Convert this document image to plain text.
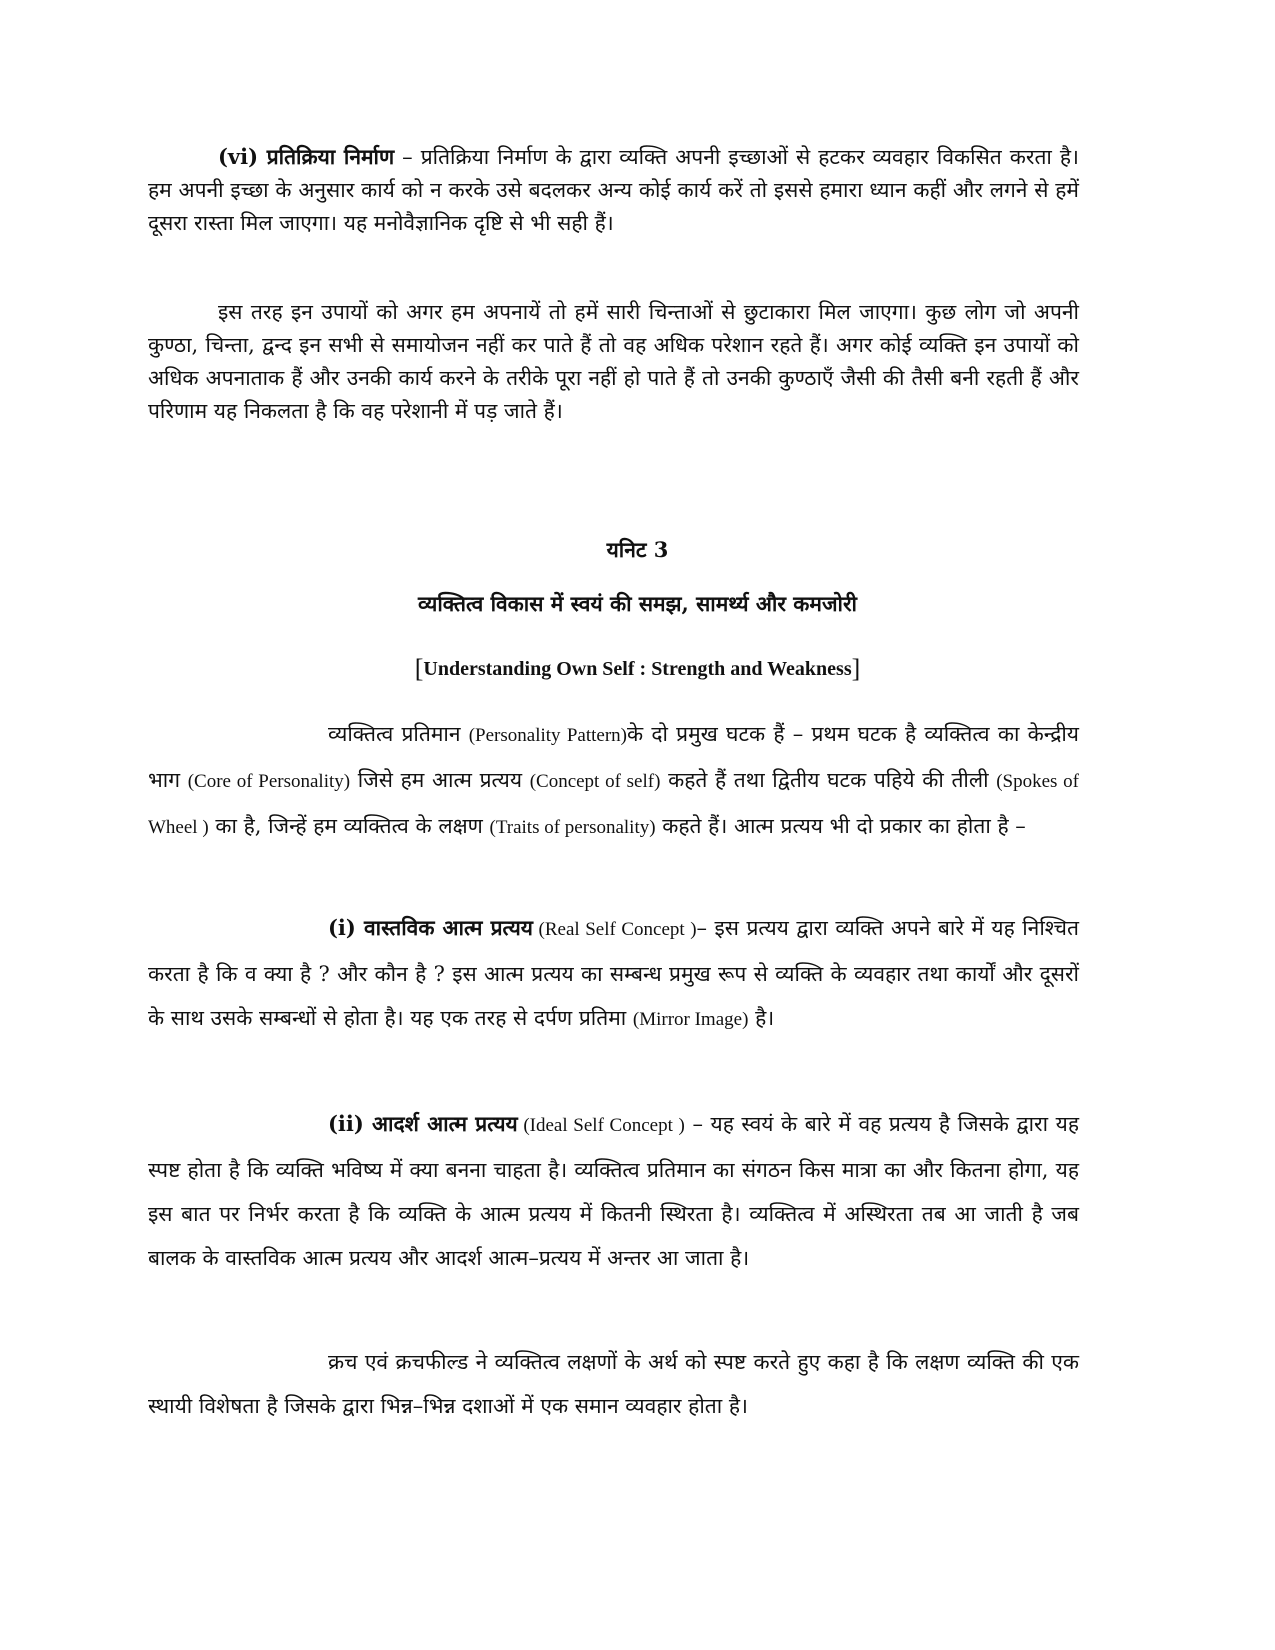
(vi) प्रतिक्रिया निर्माण – प्रतिक्रिया निर्माण के द्वारा व्यक्ति अपनी इच्छाओं से हटकर व्यवहार विकसित करता है। हम अपनी इच्छा के अनुसार कार्य को न करके उसे बदलकर अन्य कोई कार्य करें तो इससे हमारा ध्यान कहीं और लगने से हमें दूसरा रास्ता मिल जाएगा। यह मनोवैज्ञानिक दृष्टि से भी सही हैं।

इस तरह इन उपायों को अगर हम अपनायें तो हमें सारी चिन्ताओं से छुटाकारा मिल जाएगा। कुछ लोग जो अपनी कुण्ठा, चिन्ता, द्वन्द इन सभी से समायोजन नहीं कर पाते हैं तो वह अधिक परेशान रहते हैं। अगर कोई व्यक्ति इन उपायों को अधिक अपनाताक हैं और उनकी कार्य करने के तरीके पूरा नहीं हो पाते हैं तो उनकी कुण्ठाएँ जैसी की तैसी बनी रहती हैं और परिणाम यह निकलता है कि वह परेशानी में पड़ जाते हैं।

यनिट 3

व्यक्तित्व विकास में स्वयं की समझ, सामर्थ्य और कमजोरी

[Understanding Own Self : Strength and Weakness]

व्यक्तित्व प्रतिमान (Personality Pattern)के दो प्रमुख घटक हैं – प्रथम घटक है व्यक्तित्व का केन्द्रीय भाग (Core of Personality) जिसे हम आत्म प्रत्यय (Concept of self) कहते हैं तथा द्वितीय घटक पहिये की तीली (Spokes of Wheel ) का है, जिन्हें हम व्यक्तित्व के लक्षण (Traits of personality) कहते हैं। आत्म प्रत्यय भी दो प्रकार का होता है –

(i) वास्तविक आत्म प्रत्यय (Real Self Concept )– इस प्रत्यय द्वारा व्यक्ति अपने बारे में यह निश्चित करता है कि व क्या है ? और कौन है ? इस आत्म प्रत्यय का सम्बन्ध प्रमुख रूप से व्यक्ति के व्यवहार तथा कार्यों और दूसरों के साथ उसके सम्बन्धों से होता है। यह एक तरह से दर्पण प्रतिमा (Mirror Image) है।

(ii) आदर्श आत्म प्रत्यय (Ideal Self Concept ) – यह स्वयं के बारे में वह प्रत्यय है जिसके द्वारा यह स्पष्ट होता है कि व्यक्ति भविष्य में क्या बनना चाहता है। व्यक्तित्व प्रतिमान का संगठन किस मात्रा का और कितना होगा, यह इस बात पर निर्भर करता है कि व्यक्ति के आत्म प्रत्यय में कितनी स्थिरता है। व्यक्तित्व में अस्थिरता तब आ जाती है जब बालक के वास्तविक आत्म प्रत्यय और आदर्श आत्म–प्रत्यय में अन्तर आ जाता है।

क्रच एवं क्रचफील्ड ने व्यक्तित्व लक्षणों के अर्थ को स्पष्ट करते हुए कहा है कि लक्षण व्यक्ति की एक स्थायी विशेषता है जिसके द्वारा भिन्न–भिन्न दशाओं में एक समान व्यवहार होता है।
